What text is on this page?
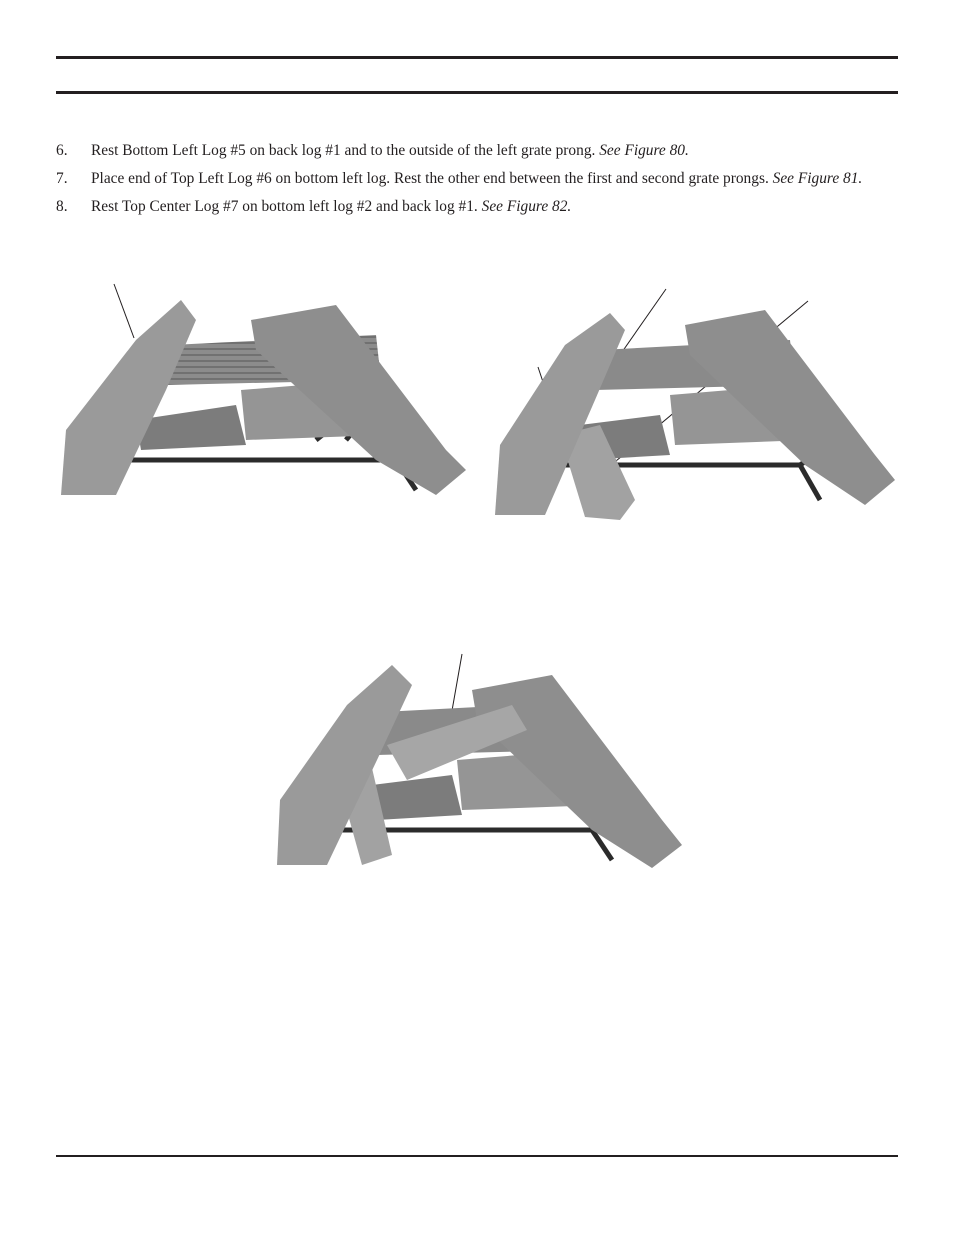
6. Rest Bottom Left Log #5 on back log #1 and to the outside of the left grate prong. See Figure 80.
7. Place end of Top Left Log #6 on bottom left log. Rest the other end between the first and second grate prongs. See Figure 81.
8. Rest Top Center Log #7 on bottom left log #2 and back log #1. See Figure 82.
